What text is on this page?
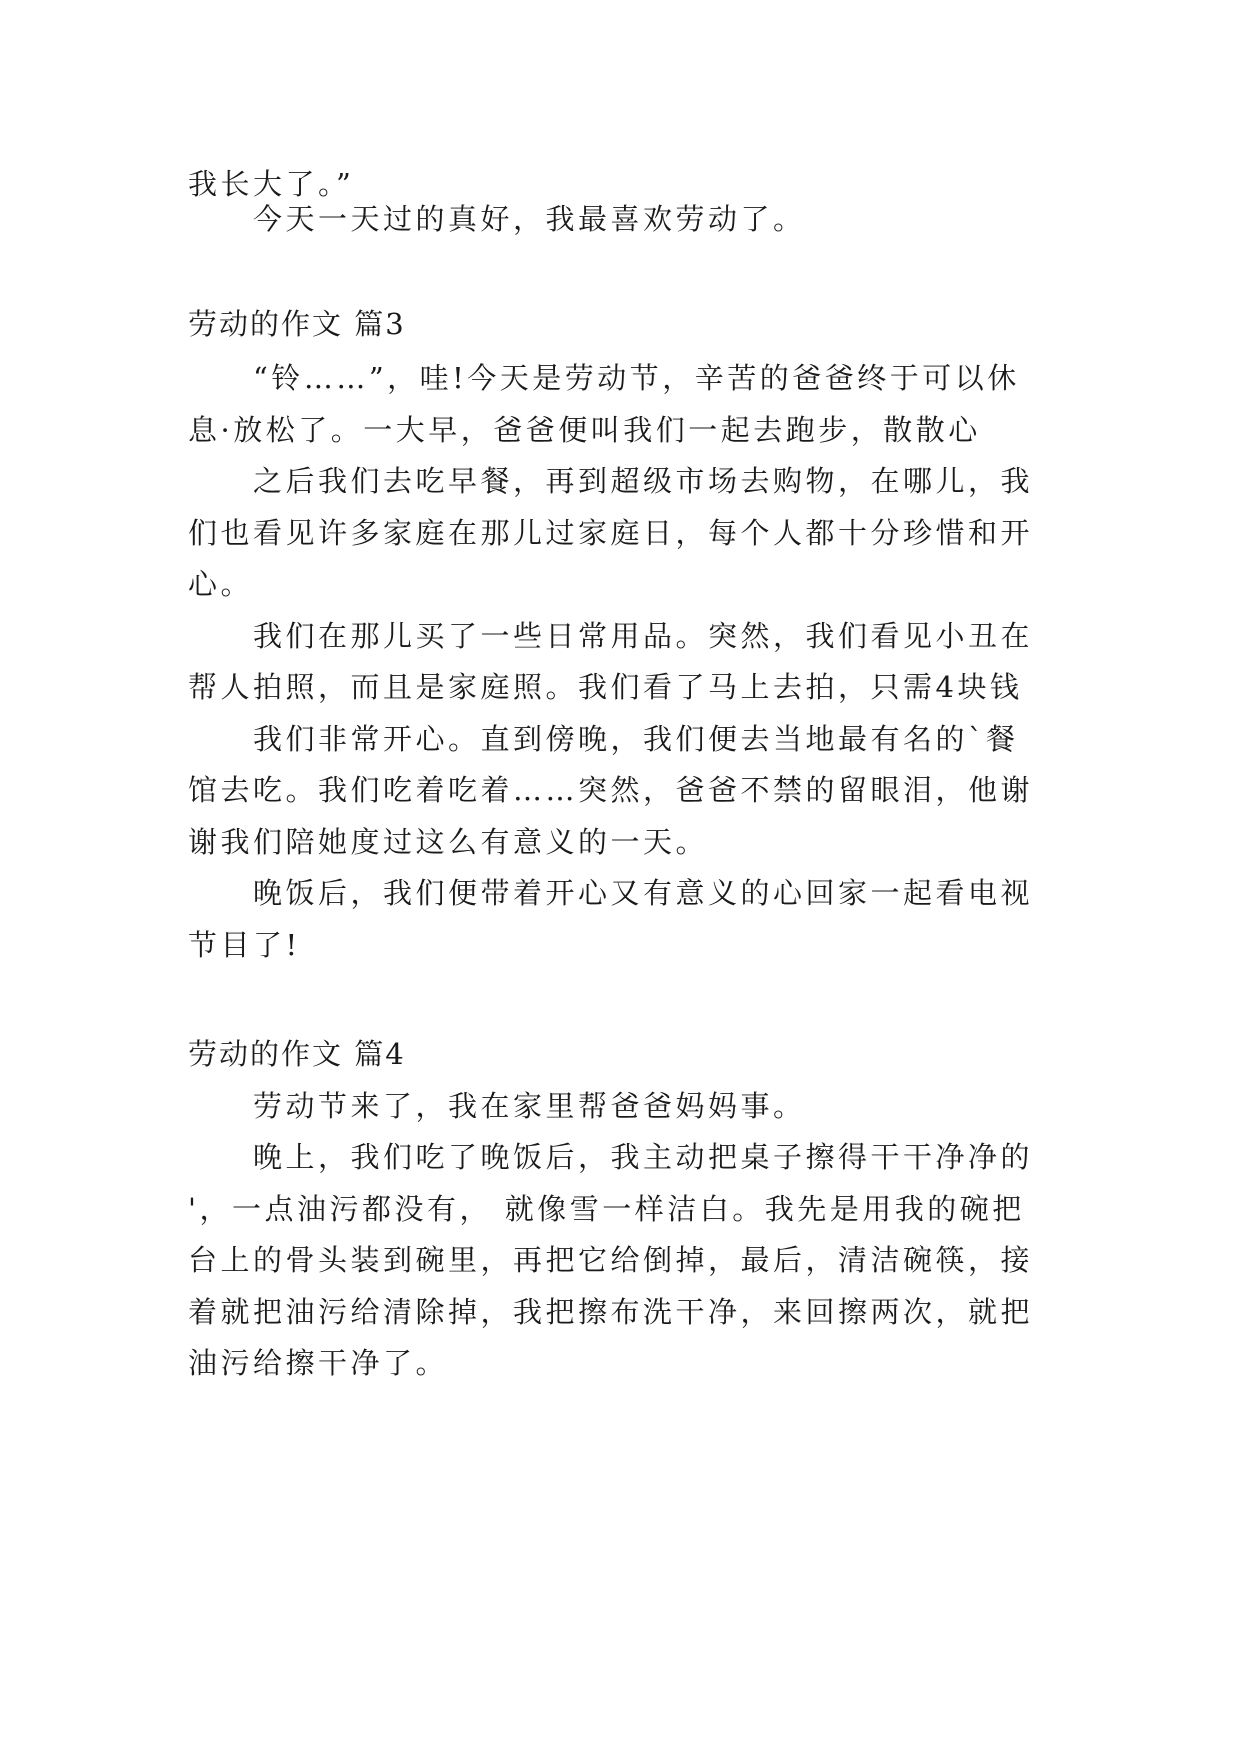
我长大了。”
今天一天过的真好，我最喜欢劳动了。
劳动的作文 篇3
“铃……”，哇!今天是劳动节，辛苦的爸爸终于可以休
息·放松了。一大早，爸爸便叫我们一起去跑步，散散心
之后我们去吃早餐，再到超级市场去购物，在哪儿，我
们也看见许多家庭在那儿过家庭日，每个人都十分珍惜和开
心。
我们在那儿买了一些日常用品。突然，我们看见小丑在
帮人拍照，而且是家庭照。我们看了马上去拍，只需4块钱
我们非常开心。直到傍晚，我们便去当地最有名的`餐
馆去吃。我们吃着吃着……突然，爸爸不禁的留眼泪，他谢
谢我们陪她度过这么有意义的一天。
晚饭后，我们便带着开心又有意义的心回家一起看电视
节目了!
劳动的作文 篇4
劳动节来了，我在家里帮爸爸妈妈事。
晚上，我们吃了晚饭后，我主动把桌子擦得干干净净的
'，一点油污都没有， 就像雪一样洁白。我先是用我的碗把
台上的骨头装到碗里，再把它给倒掉，最后，清洁碗筷，接
着就把油污给清除掉，我把擦布洗干净，来回擦两次，就把
油污给擦干净了。
